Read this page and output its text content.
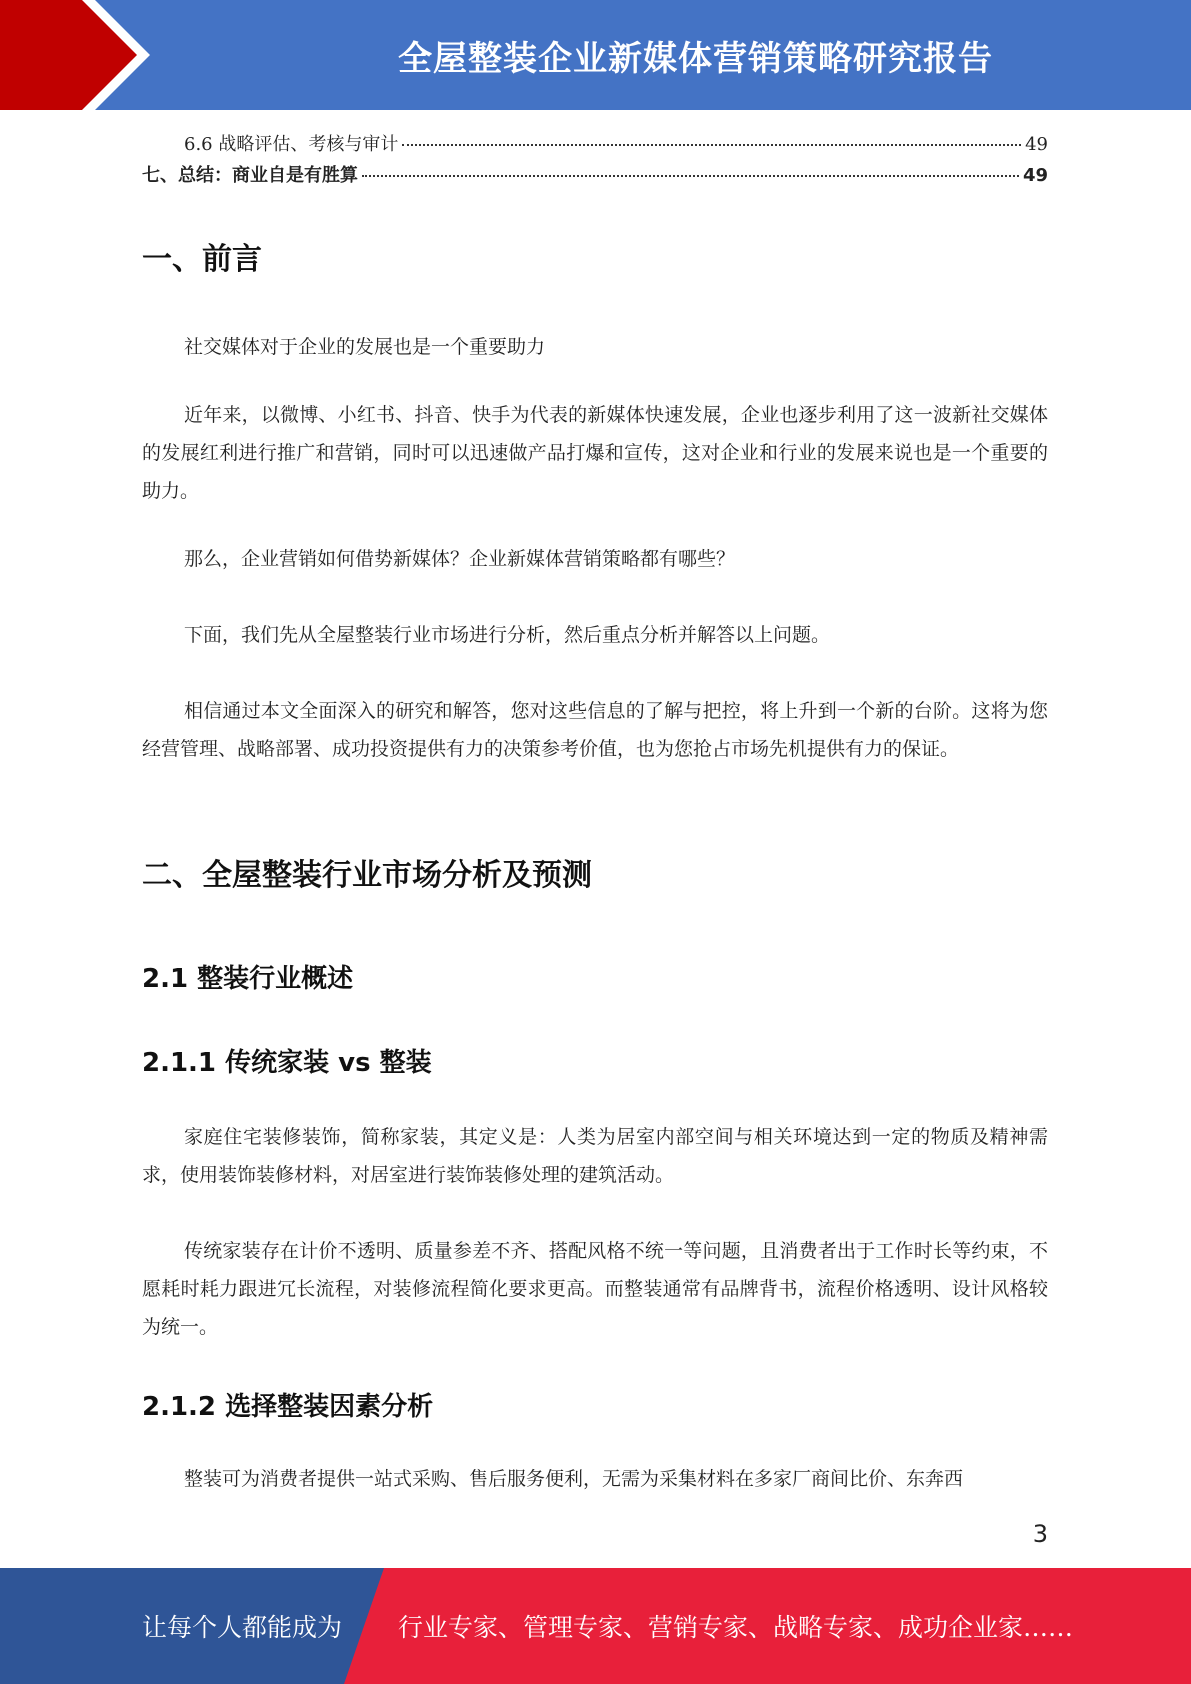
全屋整装企业新媒体营销策略研究报告
6.6 战略评估、考核与审计	49
七、总结：商业自是有胜算	49
一、前言
社交媒体对于企业的发展也是一个重要助力
近年来，以微博、小红书、抖音、快手为代表的新媒体快速发展，企业也逐步利用了这一波新社交媒体的发展红利进行推广和营销，同时可以迅速做产品打爆和宣传，这对企业和行业的发展来说也是一个重要的助力。
那么，企业营销如何借势新媒体？企业新媒体营销策略都有哪些？
下面，我们先从全屋整装行业市场进行分析，然后重点分析并解答以上问题。
相信通过本文全面深入的研究和解答，您对这些信息的了解与把控，将上升到一个新的台阶。这将为您经营管理、战略部署、成功投资提供有力的决策参考价值，也为您抢占市场先机提供有力的保证。
二、全屋整装行业市场分析及预测
2.1 整装行业概述
2.1.1 传统家装 vs 整装
家庭住宅装修装饰，简称家装，其定义是：人类为居室内部空间与相关环境达到一定的物质及精神需求，使用装饰装修材料，对居室进行装饰装修处理的建筑活动。
传统家装存在计价不透明、质量参差不齐、搭配风格不统一等问题，且消费者出于工作时长等约束，不愿耗时耗力跟进冗长流程，对装修流程简化要求更高。而整装通常有品牌背书，流程价格透明、设计风格较为统一。
2.1.2 选择整装因素分析
整装可为消费者提供一站式采购、售后服务便利，无需为采集材料在多家厂商间比价、东奔西
3
让每个人都能成为 行业专家、管理专家、营销专家、战略专家、成功企业家……
